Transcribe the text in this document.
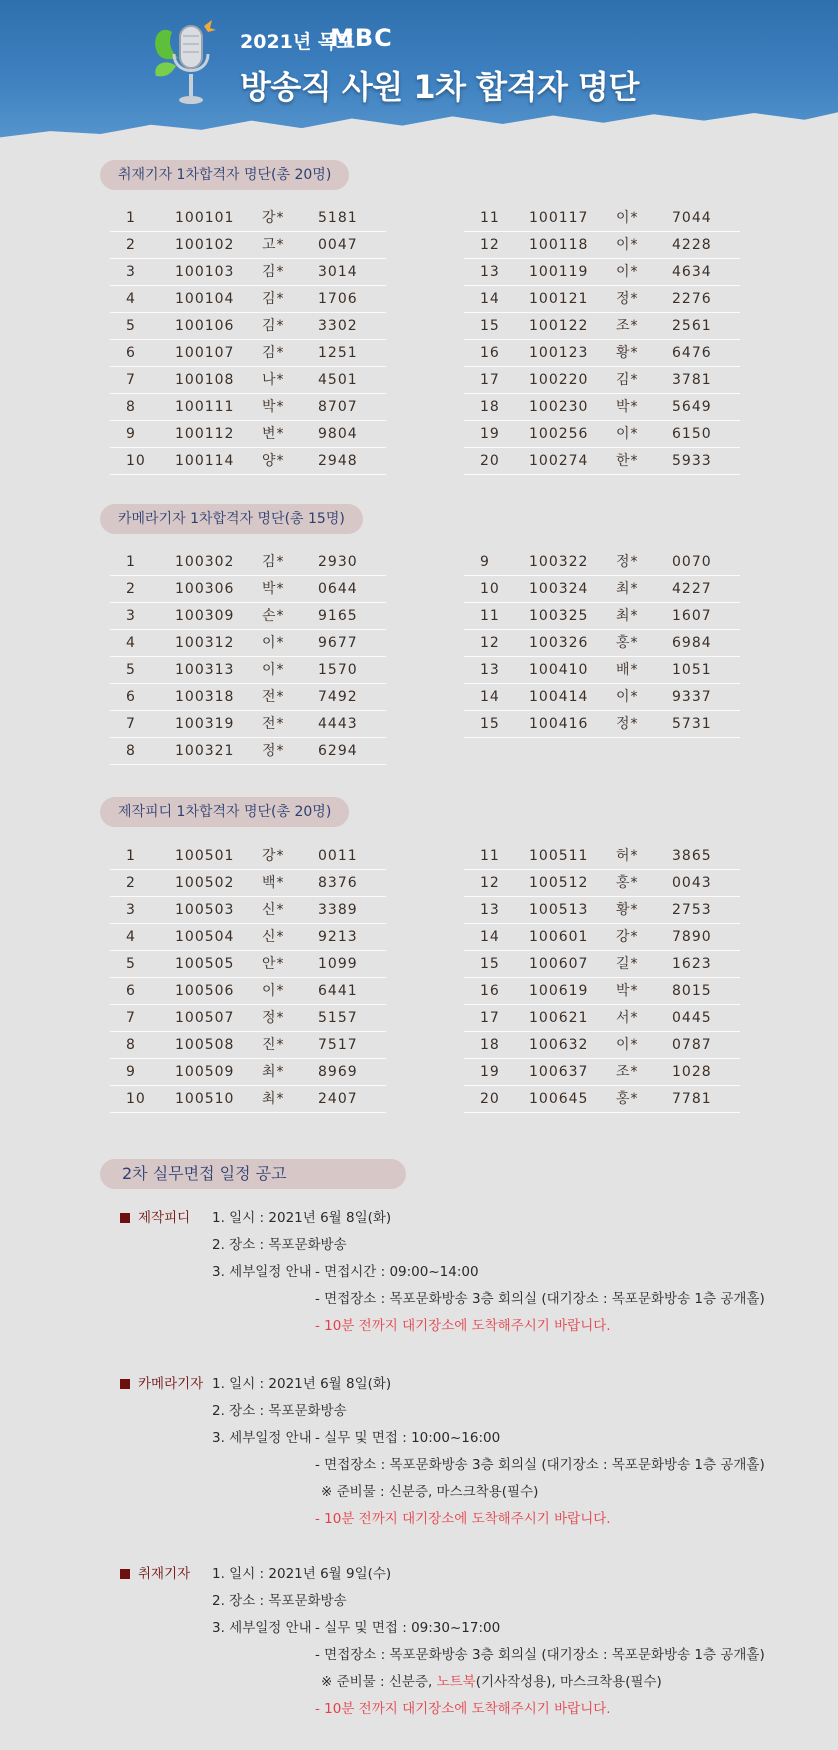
2021년 목포
MBC
방송직 사원 1차 합격자 명단
취재기자 1차합격자 명단(총 20명)
1	100101 강* 5181
2	100102 고* 0047
3	100103 김* 3014
4	100104 김* 1706
5	100106 김* 3302
6	100107 김* 1251
7	100108 나* 4501
8	100111 박* 8707
9	100112 변* 9804
10 100114 양* 2948
11 100117 이* 7044
12 100118 이* 4228
13 100119 이* 4634
14 100121 정* 2276
15 100122 조* 2561
16 100123 황* 6476
17 100220 김* 3781
18 100230 박* 5649
19 100256 이* 6150
20 100274 한* 5933
카메라기자 1차합격자 명단(총 15명)
1	100302 김* 2930
2	100306 박* 0644
3	100309 손* 9165
4	100312 이* 9677
5	100313 이* 1570
6	100318 전* 7492
7	100319 전* 4443
8	100321 정* 6294
9	100322 정* 0070
10 100324 최* 4227
11 100325 최* 1607
12 100326 홍* 6984
13 100410 배* 1051
14 100414 이* 9337
15 100416 정* 5731
제작피디 1차합격자 명단(총 20명)
1	100501 강* 0011
2	100502 백* 8376
3	100503 신* 3389
4	100504 신* 9213
5	100505 안* 1099
6	100506 이* 6441
7	100507 정* 5157
8	100508 진* 7517
9	100509 최* 8969
10 100510 최* 2407
11 100511 허* 3865
12 100512 홍* 0043
13 100513 황* 2753
14 100601 강* 7890
15 100607 길* 1623
16 100619 박* 8015
17 100621 서* 0445
18 100632 이* 0787
19 100637 조* 1028
20 100645 홍* 7781
2차 실무면접 일정 공고
제작피디 1. 일시 : 2021년 6월 8일(화)
2. 장소 : 목포문화방송
3. 세부일정 안내 - 면접시간 : 09:00~14:00
- 면접장소 : 목포문화방송 3층 회의실 (대기장소 : 목포문화방송 1층 공개홀)
- 10분 전까지 대기장소에 도착해주시기 바랍니다.
카메라기자 1. 일시 : 2021년 6월 8일(화)
2. 장소 : 목포문화방송
3. 세부일정 안내 - 실무 및 면접 : 10:00~16:00
- 면접장소 : 목포문화방송 3층 회의실 (대기장소 : 목포문화방송 1층 공개홀)
※ 준비물 : 신분증, 마스크착용(필수)
- 10분 전까지 대기장소에 도착해주시기 바랍니다.
취재기자 1. 일시 : 2021년 6월 9일(수)
2. 장소 : 목포문화방송
3. 세부일정 안내 - 실무 및 면접 : 09:30~17:00
- 면접장소 : 목포문화방송 3층 회의실 (대기장소 : 목포문화방송 1층 공개홀)
※ 준비물 : 신분증, 노트북(기사작성용), 마스크착용(필수)
- 10분 전까지 대기장소에 도착해주시기 바랍니다.
